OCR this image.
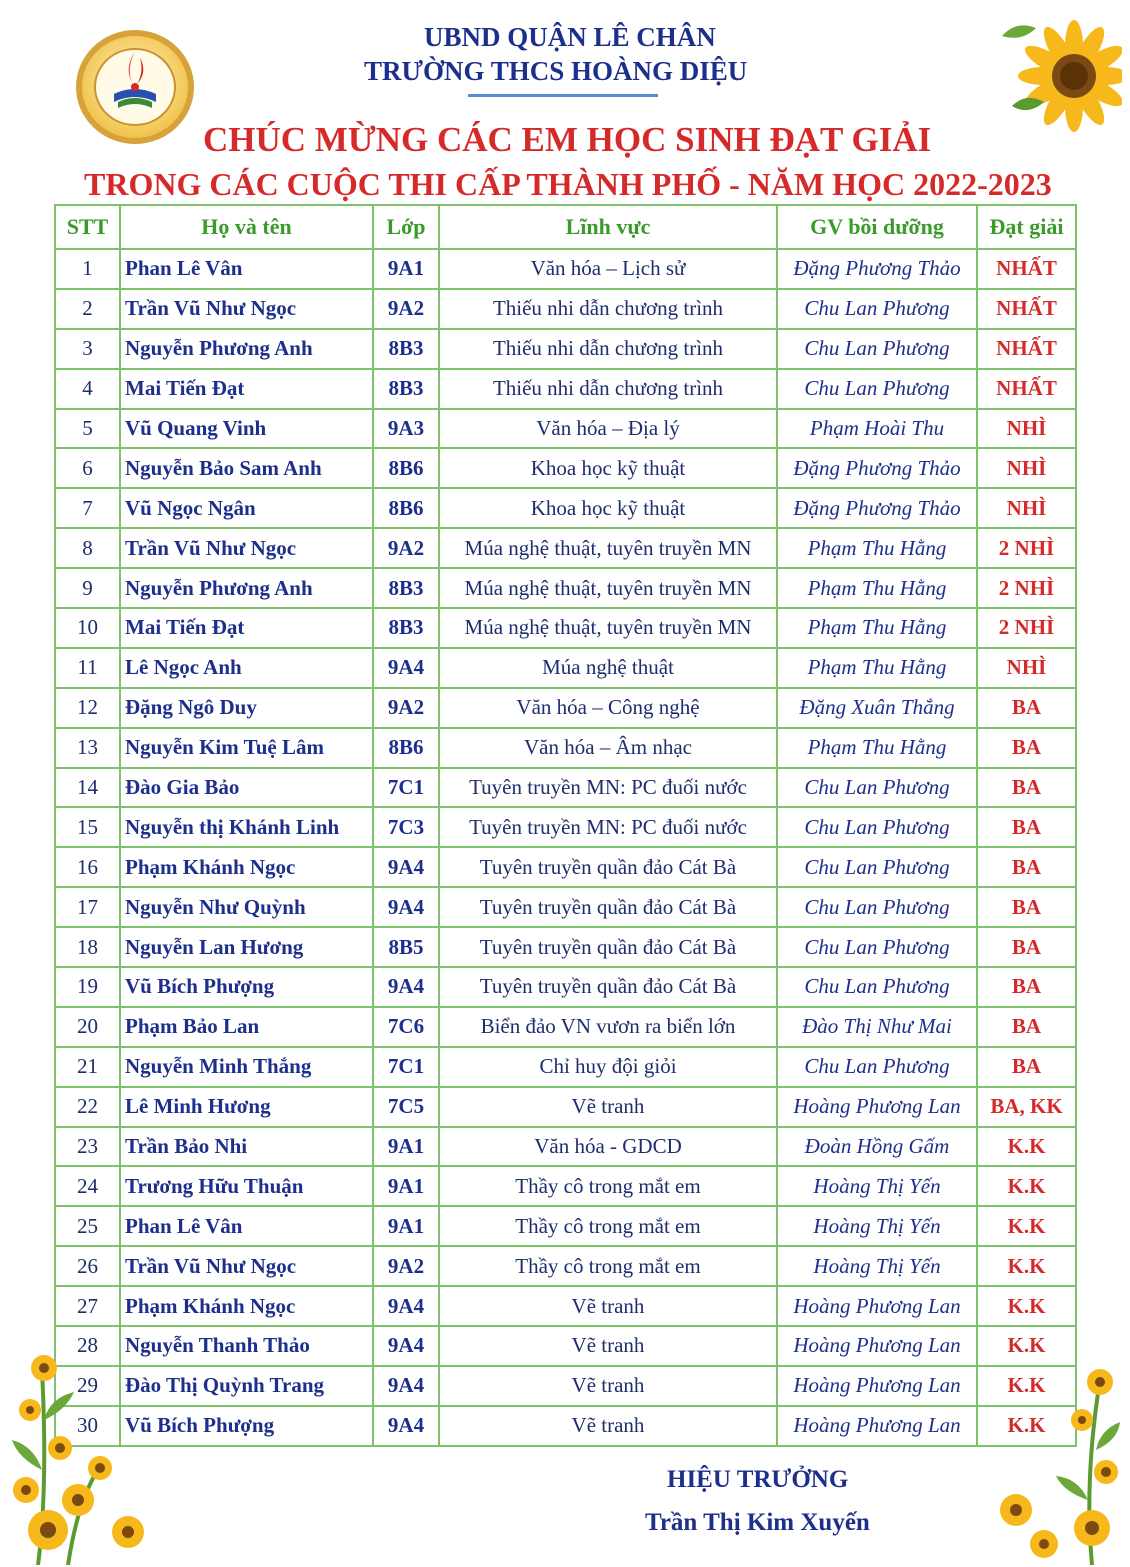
UBND QUẬN LÊ CHÂN
TRƯỜNG THCS HOÀNG DIỆU
CHÚC MỪNG CÁC EM HỌC SINH ĐẠT GIẢI
TRONG CÁC CUỘC THI CẤP THÀNH PHỐ - NĂM HỌC 2022-2023
STT	Họ và tên	Lớp	Lĩnh vực	GV bồi dưỡng	Đạt giải
1	Phan Lê Vân	9A1	Văn hóa – Lịch sử	Đặng Phương Thảo	NHẤT
2	Trần Vũ Như Ngọc	9A2	Thiếu nhi dẫn chương trình	Chu Lan Phương	NHẤT
3	Nguyễn Phương Anh	8B3	Thiếu nhi dẫn chương trình	Chu Lan Phương	NHẤT
4	Mai Tiến Đạt	8B3	Thiếu nhi dẫn chương trình	Chu Lan Phương	NHẤT
5	Vũ Quang Vinh	9A3	Văn hóa – Địa lý	Phạm Hoài Thu	NHÌ
6	Nguyễn Bảo Sam Anh	8B6	Khoa học kỹ thuật	Đặng Phương Thảo	NHÌ
7	Vũ Ngọc Ngân	8B6	Khoa học kỹ thuật	Đặng Phương Thảo	NHÌ
8	Trần Vũ Như Ngọc	9A2	Múa nghệ thuật, tuyên truyền MN	Phạm Thu Hằng	2 NHÌ
9	Nguyễn Phương Anh	8B3	Múa nghệ thuật, tuyên truyền MN	Phạm Thu Hằng	2 NHÌ
10	Mai Tiến Đạt	8B3	Múa nghệ thuật, tuyên truyền MN	Phạm Thu Hằng	2 NHÌ
11	Lê Ngọc Anh	9A4	Múa nghệ thuật	Phạm Thu Hằng	NHÌ
12	Đặng Ngô Duy	9A2	Văn hóa – Công nghệ	Đặng Xuân Thắng	BA
13	Nguyễn Kim Tuệ Lâm	8B6	Văn hóa – Âm nhạc	Phạm Thu Hằng	BA
14	Đào Gia Bảo	7C1	Tuyên truyền MN: PC đuối nước	Chu Lan Phương	BA
15	Nguyễn thị Khánh Linh	7C3	Tuyên truyền MN: PC đuối nước	Chu Lan Phương	BA
16	Phạm Khánh Ngọc	9A4	Tuyên truyền quần đảo Cát Bà	Chu Lan Phương	BA
17	Nguyễn Như Quỳnh	9A4	Tuyên truyền quần đảo Cát Bà	Chu Lan Phương	BA
18	Nguyễn Lan Hương	8B5	Tuyên truyền quần đảo Cát Bà	Chu Lan Phương	BA
19	Vũ Bích Phượng	9A4	Tuyên truyền quần đảo Cát Bà	Chu Lan Phương	BA
20	Phạm Bảo Lan	7C6	Biển đảo VN vươn ra biển lớn	Đào Thị Như Mai	BA
21	Nguyễn Minh Thắng	7C1	Chỉ huy đội giỏi	Chu Lan Phương	BA
22	Lê Minh Hương	7C5	Vẽ tranh	Hoàng Phương Lan	BA, KK
23	Trần Bảo Nhi	9A1	Văn hóa - GDCD	Đoàn Hồng Gấm	K.K
24	Trương Hữu Thuận	9A1	Thầy cô trong mắt em	Hoàng Thị Yến	K.K
25	Phan Lê Vân	9A1	Thầy cô trong mắt em	Hoàng Thị Yến	K.K
26	Trần Vũ Như Ngọc	9A2	Thầy cô trong mắt em	Hoàng Thị Yến	K.K
27	Phạm Khánh Ngọc	9A4	Vẽ tranh	Hoàng Phương Lan	K.K
28	Nguyễn Thanh Thảo	9A4	Vẽ tranh	Hoàng Phương Lan	K.K
29	Đào Thị Quỳnh Trang	9A4	Vẽ tranh	Hoàng Phương Lan	K.K
30	Vũ Bích Phượng	9A4	Vẽ tranh	Hoàng Phương Lan	K.K
HIỆU TRƯỞNG
Trần Thị Kim Xuyến
